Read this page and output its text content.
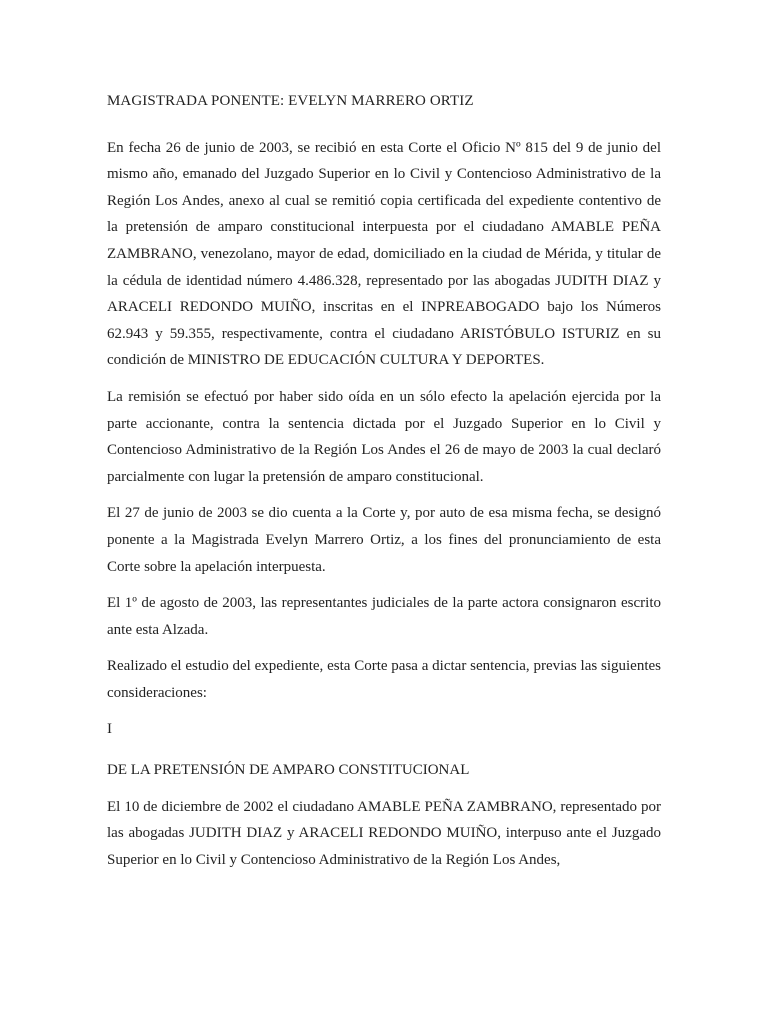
MAGISTRADA PONENTE: EVELYN MARRERO ORTIZ

En fecha 26 de junio de 2003, se recibió en esta Corte el Oficio Nº 815 del 9 de junio del mismo año, emanado del Juzgado Superior en lo Civil y Contencioso Administrativo de la Región Los Andes, anexo al cual se remitió copia certificada del expediente contentivo de la pretensión de amparo constitucional interpuesta por el ciudadano AMABLE PEÑA ZAMBRANO, venezolano, mayor de edad, domiciliado en la ciudad de Mérida, y titular de la cédula de identidad número 4.486.328, representado por las abogadas JUDITH DIAZ y ARACELI REDONDO MUIÑO, inscritas en el INPREABOGADO bajo los Números 62.943 y 59.355, respectivamente, contra el ciudadano ARISTÓBULO ISTURIZ en su condición de MINISTRO DE EDUCACIÓN CULTURA Y DEPORTES.

La remisión se efectuó por haber sido oída en un sólo efecto la apelación ejercida por la parte accionante, contra la sentencia dictada por el Juzgado Superior en lo Civil y Contencioso Administrativo de la Región Los Andes el 26 de mayo de 2003 la cual declaró parcialmente con lugar la pretensión de amparo constitucional.

El 27 de junio de 2003 se dio cuenta a la Corte y, por auto de esa misma fecha, se designó ponente a la Magistrada Evelyn Marrero Ortiz, a los fines del pronunciamiento de esta Corte sobre la apelación interpuesta.

El 1º de agosto de 2003, las representantes judiciales de la parte actora consignaron escrito ante esta Alzada.

Realizado el estudio del expediente, esta Corte pasa a dictar sentencia, previas las siguientes consideraciones:

I

DE LA PRETENSIÓN DE AMPARO CONSTITUCIONAL

El 10 de diciembre de 2002 el ciudadano AMABLE PEÑA ZAMBRANO, representado por las abogadas JUDITH DIAZ y ARACELI REDONDO MUIÑO, interpuso ante el Juzgado Superior en lo Civil y Contencioso Administrativo de la Región Los Andes,
